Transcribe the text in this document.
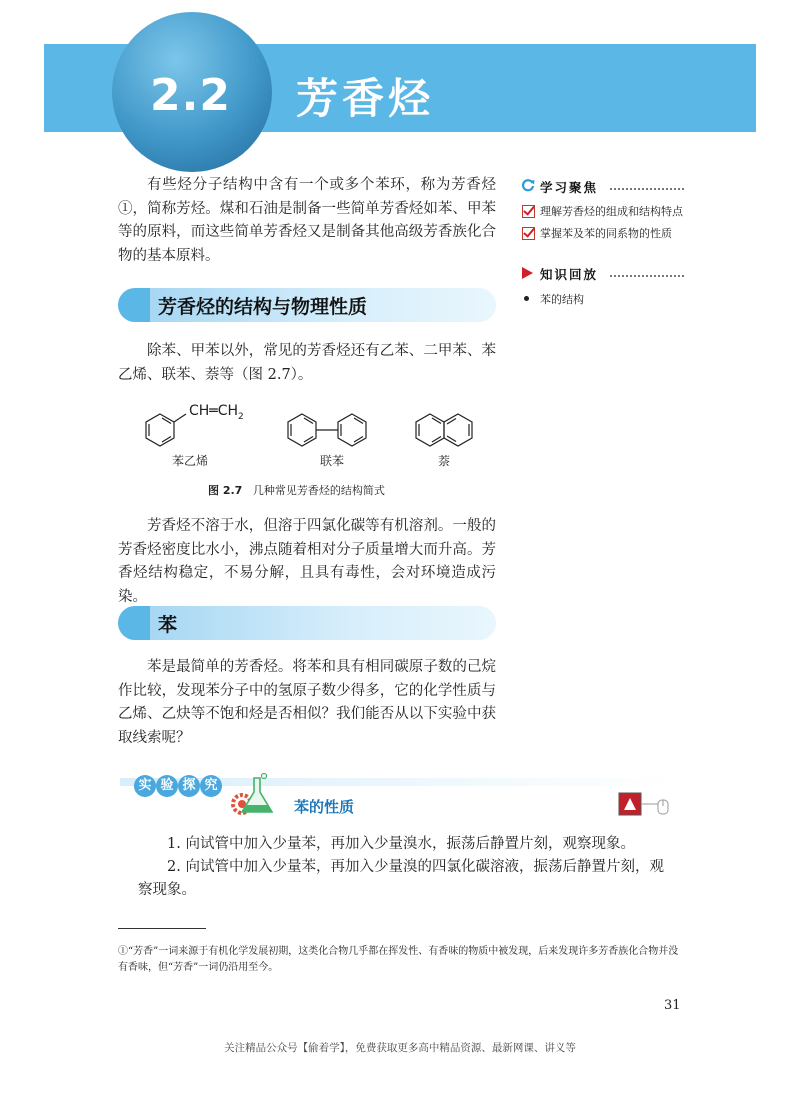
2.2 芳香烃

有些烃分子结构中含有一个或多个苯环，称为芳香烃①，简称芳烃。煤和石油是制备一些简单芳香烃如苯、甲苯等的原料，而这些简单芳香烃又是制备其他高级芳香族化合物的基本原料。

学习聚焦
理解芳香烃的组成和结构特点
掌握苯及苯的同系物的性质
知识回放
苯的结构
芳香烃的结构与物理性质

除苯、甲苯以外，常见的芳香烃还有乙苯、二甲苯、苯乙烯、联苯、萘等（图 2.7）。

$CH═CH_2$
苯乙烯	联苯	萘
图 2.7 几种常见芳香烃的结构简式

芳香烃不溶于水，但溶于四氯化碳等有机溶剂。一般的芳香烃密度比水小，沸点随着相对分子质量增大而升高。芳香烃结构稳定，不易分解，且具有毒性，会对环境造成污染。

苯

苯是最简单的芳香烃。将苯和具有相同碳原子数的己烷作比较，发现苯分子中的氢原子数少得多，它的化学性质与乙烯、乙炔等不饱和烃是否相似？我们能否从以下实验中获取线索呢？

实 验 探 究
苯的性质
1. 向试管中加入少量苯，再加入少量溴水，振荡后静置片刻，观察现象。
2. 向试管中加入少量苯，再加入少量溴的四氯化碳溶液，振荡后静置片刻，观察现象。
①“芳香”一词来源于有机化学发展初期，这类化合物几乎都在挥发性、有香味的物质中被发现，后来发现许多芳香族化合物并没有香味，但“芳香”一词仍沿用至今。
31
关注精品公众号【偷着学】，免费获取更多高中精品资源、最新网课、讲义等
